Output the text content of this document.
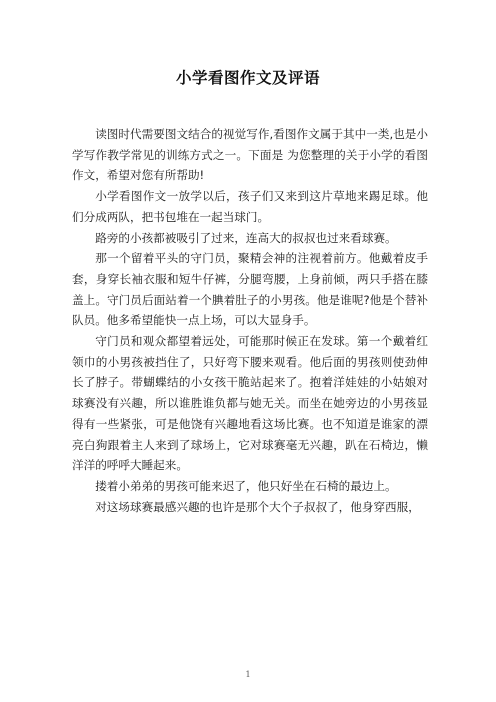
小学看图作文及评语

读图时代需要图文结合的视觉写作,看图作文属于其中一类,也是小学写作教学常见的训练方式之一。下面是 为您整理的关于小学的看图作文，希望对您有所帮助!

小学看图作文一放学以后，孩子们又来到这片草地来踢足球。他们分成两队，把书包堆在一起当球门。

路旁的小孩都被吸引了过来，连高大的叔叔也过来看球赛。

那一个留着平头的守门员，聚精会神的注视着前方。他戴着皮手套，身穿长袖衣服和短牛仔裤，分腿弯腰，上身前倾，两只手搭在膝盖上。守门员后面站着一个腆着肚子的小男孩。他是谁呢?他是个替补队员。他多希望能快一点上场，可以大显身手。

守门员和观众都望着远处，可能那时候正在发球。第一个戴着红领巾的小男孩被挡住了，只好弯下腰来观看。他后面的男孩则使劲伸长了脖子。带蝴蝶结的小女孩干脆站起来了。抱着洋娃娃的小姑娘对球赛没有兴趣，所以谁胜谁负都与她无关。而坐在她旁边的小男孩显得有一些紧张，可是他饶有兴趣地看这场比赛。也不知道是谁家的漂亮白狗跟着主人来到了球场上，它对球赛毫无兴趣，趴在石椅边，懒洋洋的呼呼大睡起来。

搂着小弟弟的男孩可能来迟了，他只好坐在石椅的最边上。

对这场球赛最感兴趣的也许是那个大个子叔叔了，他身穿西服，

1
